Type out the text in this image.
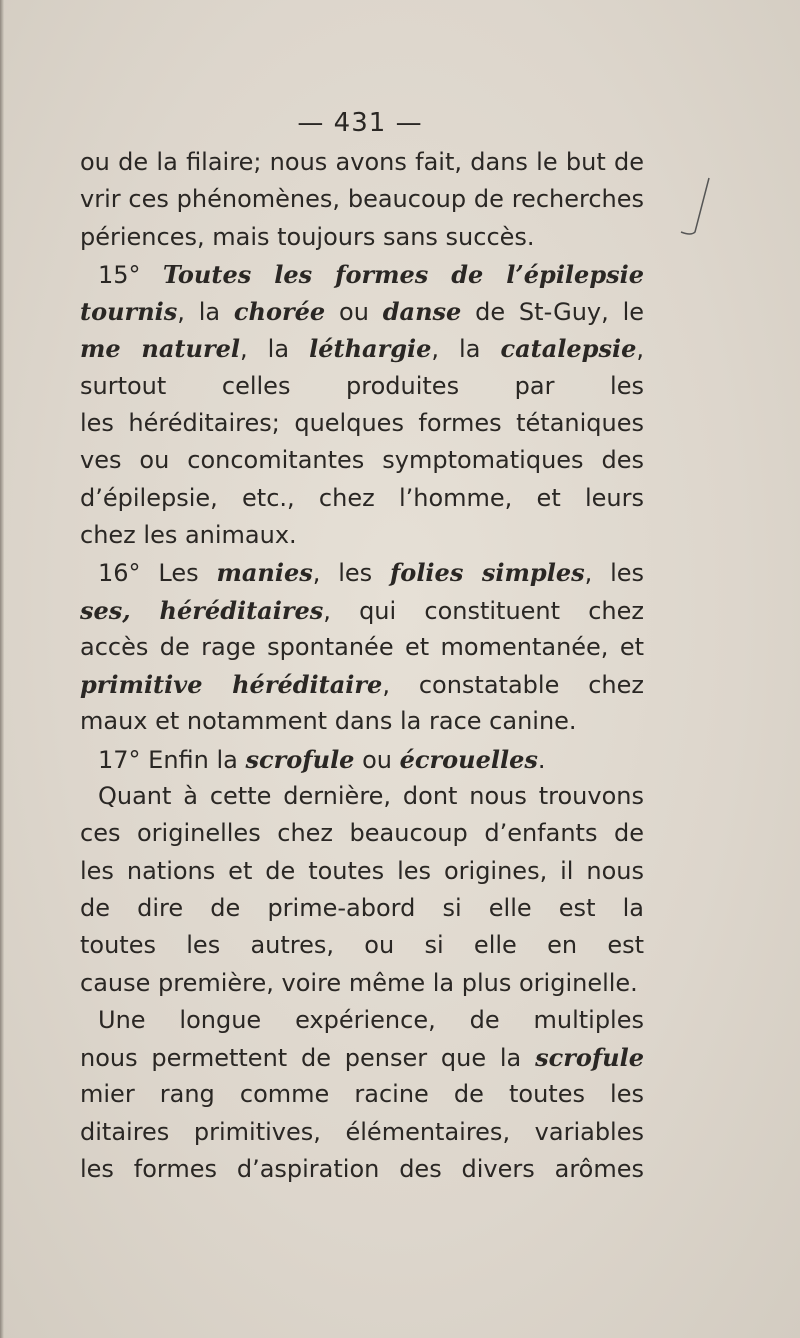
— 431 —
ou de la filaire; nous avons fait, dans le but de
vrir ces phénomènes, beaucoup de recherches
périences, mais toujours sans succès.
15° Toutes les formes de l’épilepsie
tournis, la chorée ou danse de St-Guy, le
me naturel, la léthargie, la catalepsie,
surtout celles produites par les
les héréditaires; quelques formes tétaniques
ves ou concomitantes symptomatiques des
d’épilepsie, etc., chez l’homme, et leurs
chez les animaux.
16° Les manies, les folies simples, les
ses, héréditaires, qui constituent chez
accès de rage spontanée et momentanée, et
primitive héréditaire, constatable chez
maux et notamment dans la race canine.
17° Enfin la scrofule ou écrouelles.
Quant à cette dernière, dont nous trouvons
ces originelles chez beaucoup d’enfants de
les nations et de toutes les origines, il nous
de dire de prime-abord si elle est la
toutes les autres, ou si elle en est
cause première, voire même la plus originelle.
Une longue expérience, de multiples
nous permettent de penser que la scrofule
mier rang comme racine de toutes les
ditaires primitives, élémentaires, variables
les formes d’aspiration des divers arômes
